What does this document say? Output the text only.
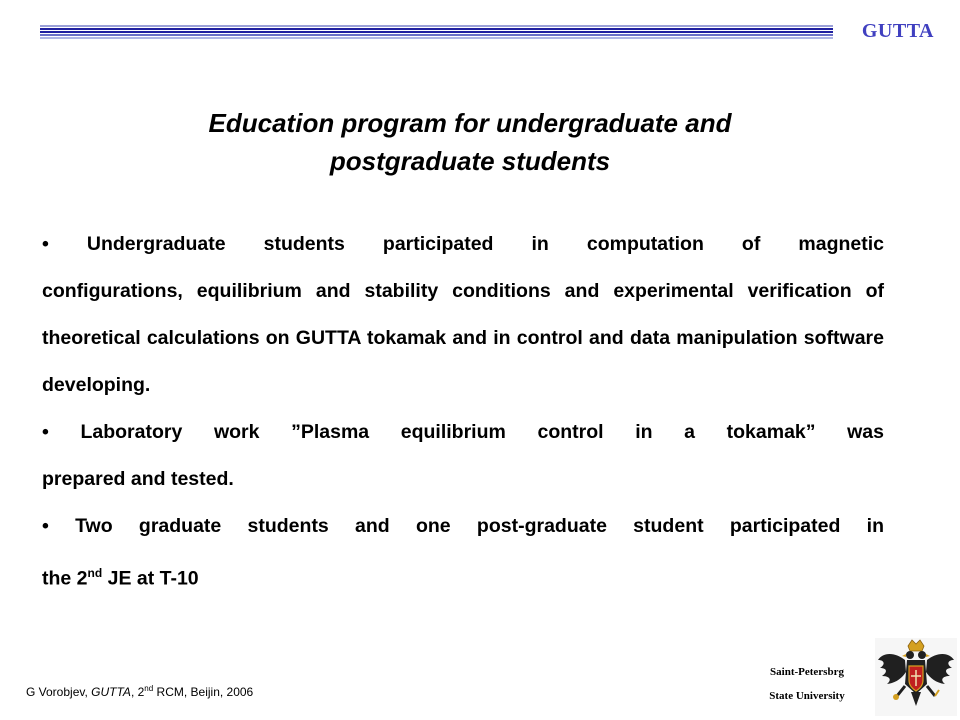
GUTTA
Education program for undergraduate and
postgraduate students
• Undergraduate students participated in computation of magnetic
configurations, equilibrium and stability conditions and experimental verification of theoretical calculations on GUTTA tokamak and in control and data manipulation software developing.
• Laboratory work ”Plasma equilibrium control in a tokamak” was
prepared and tested.
• Two graduate students and one post-graduate student participated in
the 2nd JE at T-10
G Vorobjev, GUTTA, 2nd RCM, Beijin, 2006
Saint-Petersbrg
State University
